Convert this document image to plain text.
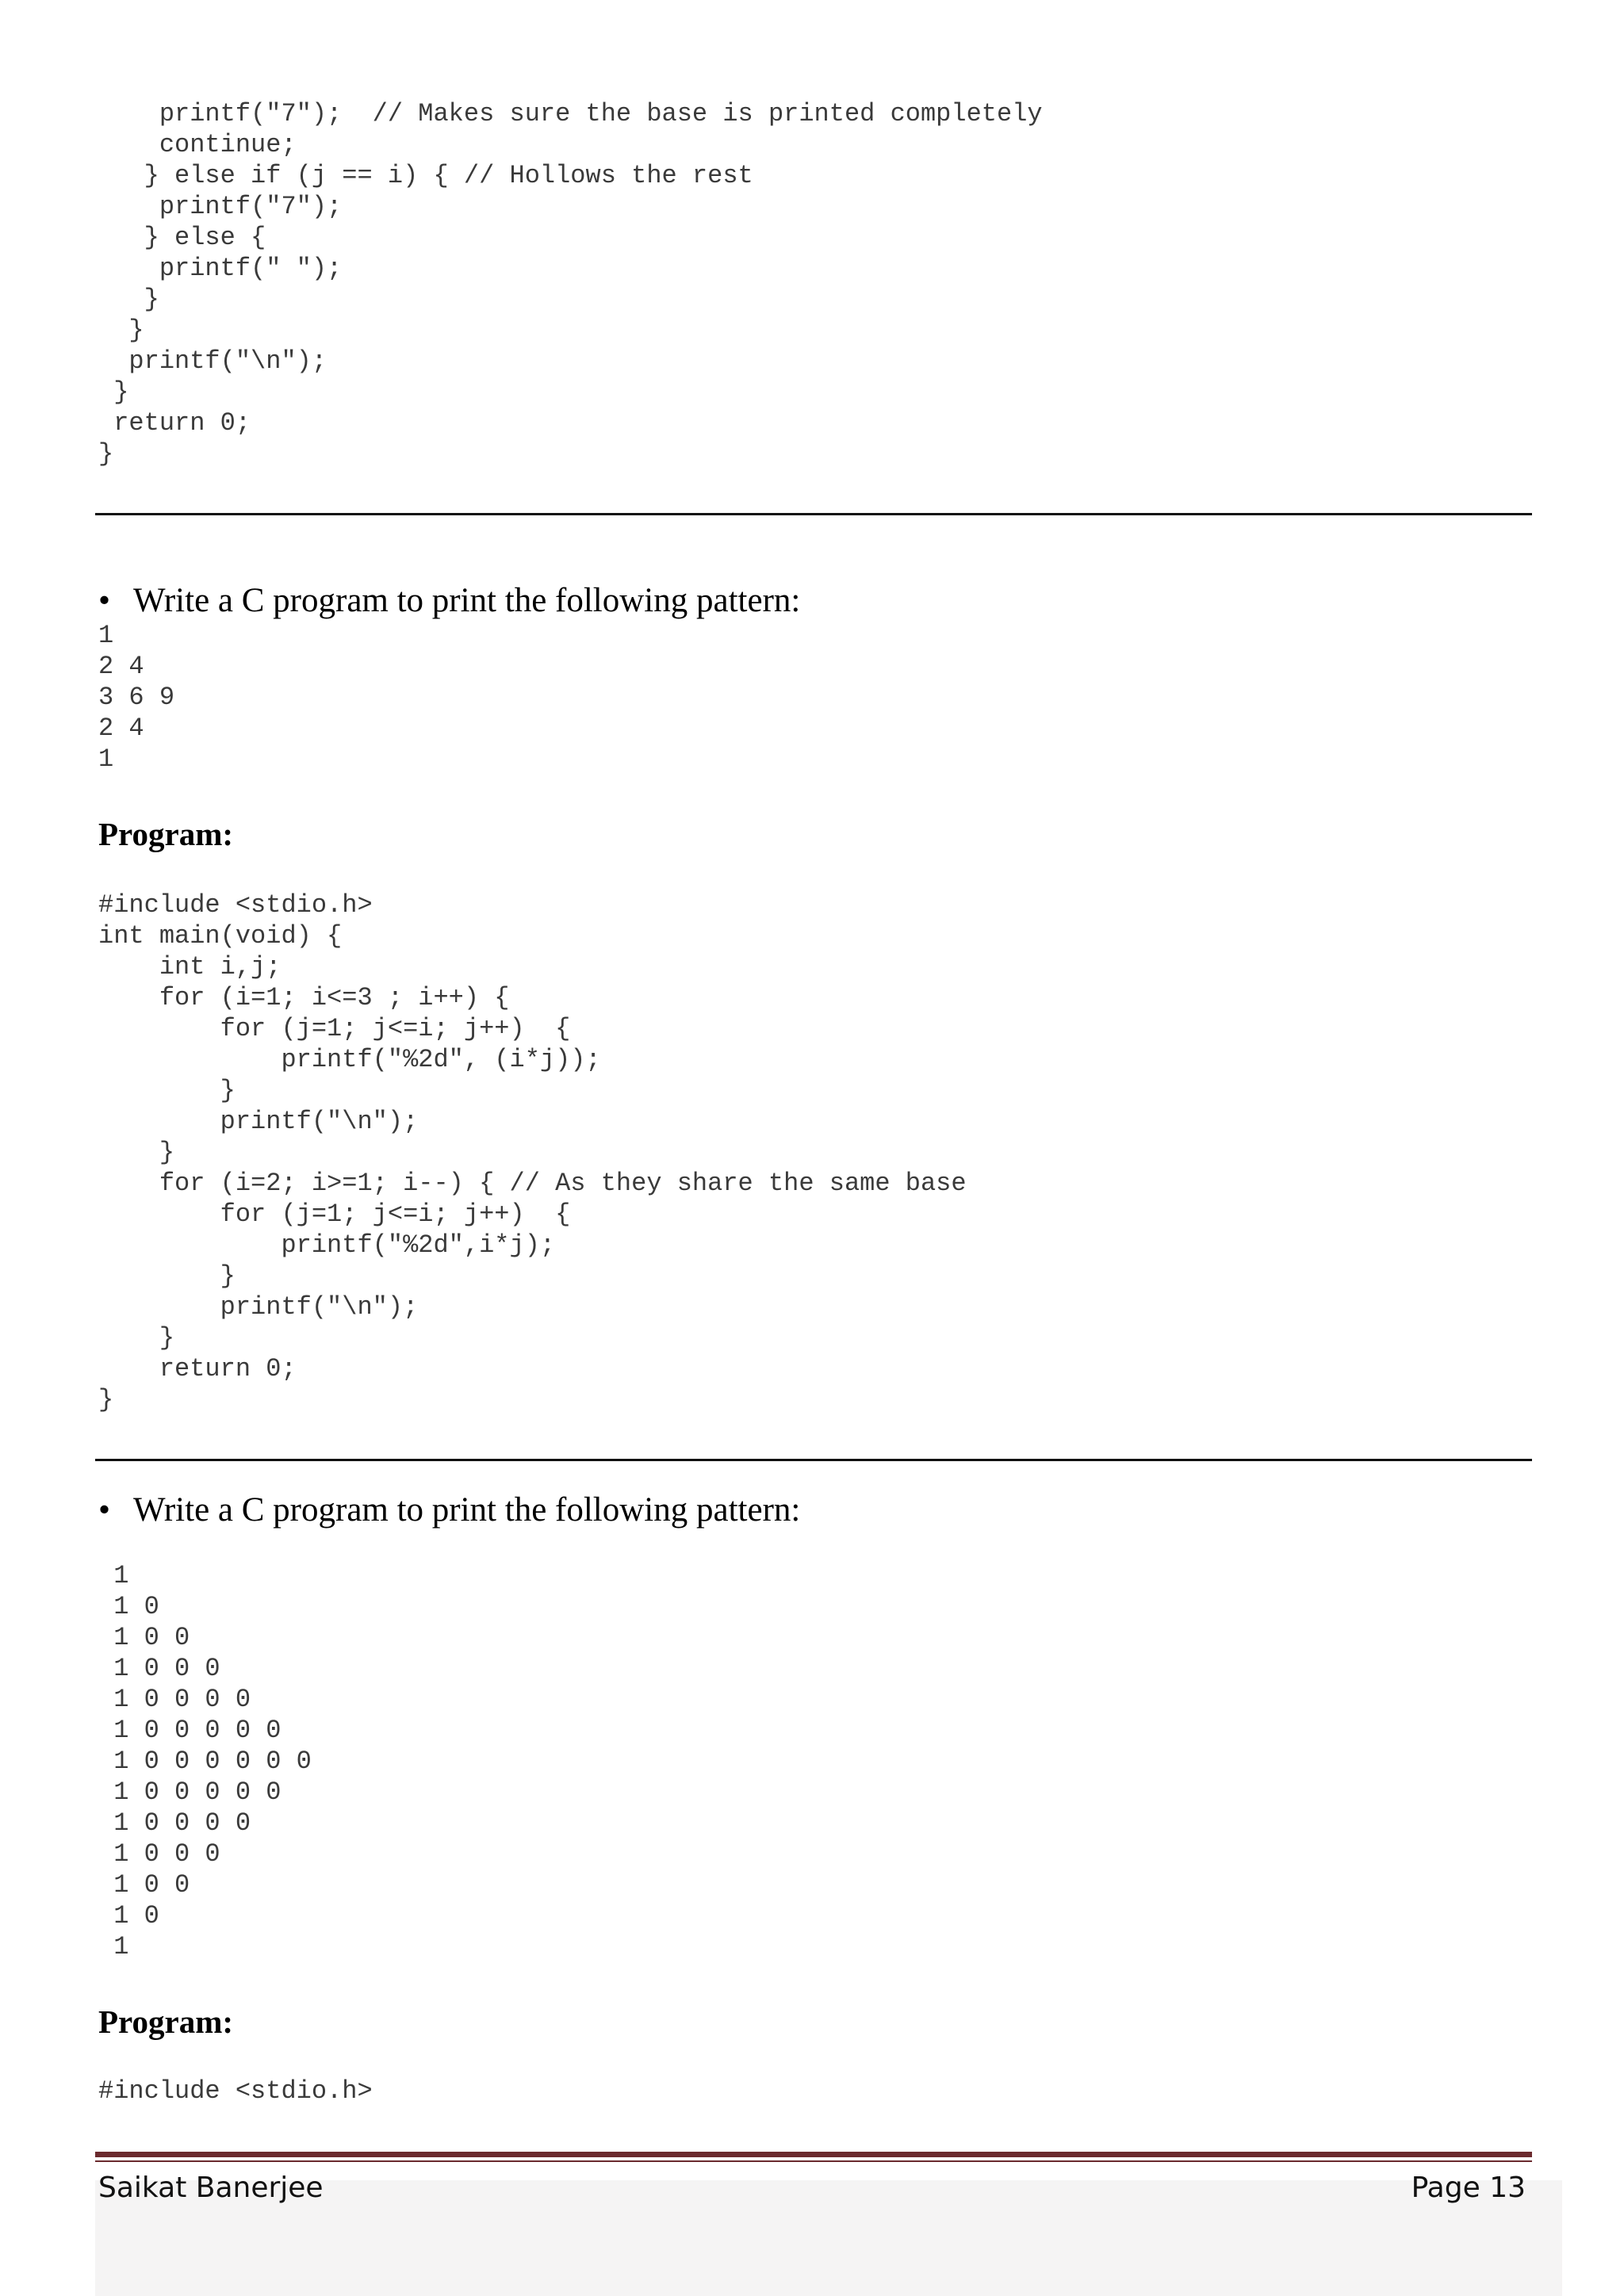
printf("7");  // Makes sure the base is printed completely
continue;
} else if (j == i) { // Hollows the rest
printf("7");
} else {
printf(" ");
}
}
printf("\n");
}
return 0;
}
• Write a C program to print the following pattern:
1
2 4
3 6 9
2 4
1
Program:
#include <stdio.h>
int main(void) {
int i,j;
for (i=1; i<=3 ; i++) {
for (j=1; j<=i; j++)  {
printf("%2d", (i*j));
}
printf("\n");
}
for (i=2; i>=1; i--) { // As they share the same base
for (j=1; j<=i; j++)  {
printf("%2d",i*j);
}
printf("\n");
}
return 0;
}
• Write a C program to print the following pattern:
1
1 0
1 0 0
1 0 0 0
1 0 0 0 0
1 0 0 0 0 0
1 0 0 0 0 0 0
1 0 0 0 0 0
1 0 0 0 0
1 0 0 0
1 0 0
1 0
1
Program:
#include <stdio.h>
Saikat Banerjee	Page 13
